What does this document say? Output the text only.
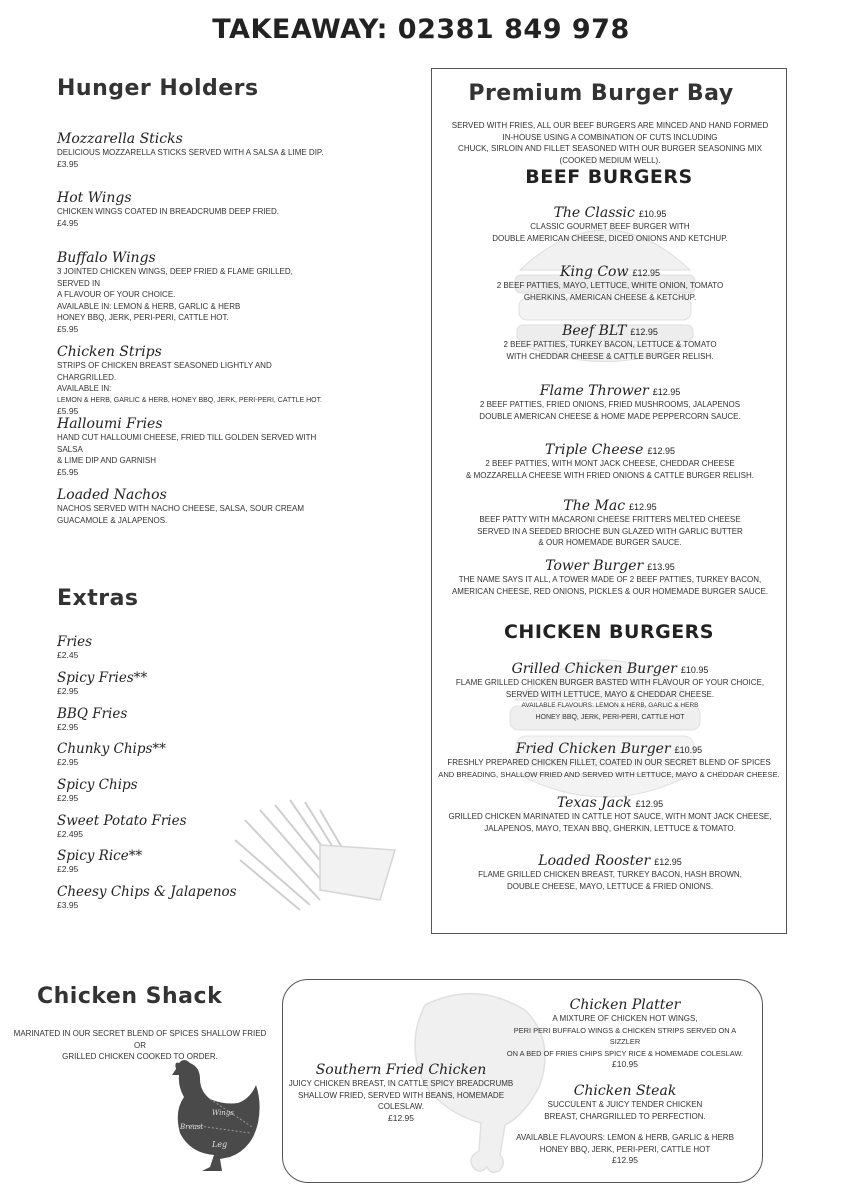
TAKEAWAY: 02381 849 978
Hunger Holders
Mozzarella Sticks
DELICIOUS MOZZARELLA STICKS SERVED WITH A SALSA & LIME DIP.
£3.95
Hot Wings
CHICKEN WINGS COATED IN BREADCRUMB DEEP FRIED.
£4.95
Buffalo Wings
3 JOINTED CHICKEN WINGS, DEEP FRIED & FLAME GRILLED, SERVED IN
A FLAVOUR OF YOUR CHOICE.
AVAILABLE IN: LEMON & HERB, GARLIC & HERB
HONEY BBQ, JERK, PERI-PERI, CATTLE HOT.
£5.95
Chicken Strips
STRIPS OF CHICKEN BREAST SEASONED LIGHTLY AND CHARGRILLED.
AVAILABLE IN:
LEMON & HERB, GARLIC & HERB, HONEY BBQ, JERK, PERI-PERI, CATTLE HOT.
£5.95
Halloumi Fries
HAND CUT HALLOUMI CHEESE, FRIED TILL GOLDEN SERVED WITH SALSA
& LIME DIP AND GARNISH
£5.95
Loaded Nachos
NACHOS SERVED WITH NACHO CHEESE, SALSA, SOUR CREAM
GUACAMOLE & JALAPENOS.
Extras
Fries
£2.45
Spicy Fries**
£2.95
BBQ Fries
£2.95
Chunky Chips**
£2.95
Spicy Chips
£2.95
Sweet Potato Fries
£2.495
Spicy Rice**
£2.95
Cheesy Chips & Jalapenos
£3.95
Premium Burger Bay
SERVED WITH FRIES, ALL OUR BEEF BURGERS ARE MINCED AND HAND FORMED
IN-HOUSE USING A COMBINATION OF CUTS INCLUDING
CHUCK, SIRLOIN AND FILLET SEASONED WITH OUR BURGER SEASONING MIX
(COOKED MEDIUM WELL).
BEEF BURGERS
The Classic £10.95
CLASSIC GOURMET BEEF BURGER WITH
DOUBLE AMERICAN CHEESE, DICED ONIONS AND KETCHUP.
King Cow £12.95
2 BEEF PATTIES, MAYO, LETTUCE, WHITE ONION, TOMATO
GHERKINS, AMERICAN CHEESE & KETCHUP.
Beef BLT £12.95
2 BEEF PATTIES, TURKEY BACON, LETTUCE & TOMATO
WITH CHEDDAR CHEESE & CATTLE BURGER RELISH.
Flame Thrower £12.95
2 BEEF PATTIES, FRIED ONIONS, FRIED MUSHROOMS, JALAPENOS
DOUBLE AMERICAN CHEESE & HOME MADE PEPPERCORN SAUCE.
Triple Cheese £12.95
2 BEEF PATTIES, WITH MONT JACK CHEESE, CHEDDAR CHEESE
& MOZZARELLA CHEESE WITH FRIED ONIONS & CATTLE BURGER RELISH.
The Mac £12.95
BEEF PATTY WITH MACARONI CHEESE FRITTERS MELTED CHEESE
SERVED IN A SEEDED BRIOCHE BUN GLAZED WITH GARLIC BUTTER
& OUR HOMEMADE BURGER SAUCE.
Tower Burger £13.95
THE NAME SAYS IT ALL, A TOWER MADE OF 2 BEEF PATTIES, TURKEY BACON,
AMERICAN CHEESE, RED ONIONS, PICKLES & OUR HOMEMADE BURGER SAUCE.
CHICKEN BURGERS
Grilled Chicken Burger £10.95
FLAME GRILLED CHICKEN BURGER BASTED WITH FLAVOUR OF YOUR CHOICE,
SERVED WITH LETTUCE, MAYO & CHEDDAR CHEESE.
AVAILABLE FLAVOURS: LEMON & HERB, GARLIC & HERB
HONEY BBQ, JERK, PERI-PERI, CATTLE HOT
Fried Chicken Burger £10.95
FRESHLY PREPARED CHICKEN FILLET, COATED IN OUR SECRET BLEND OF SPICES
AND BREADING, SHALLOW FRIED AND SERVED WITH LETTUCE, MAYO & CHEDDAR CHEESE.
Texas Jack £12.95
GRILLED CHICKEN MARINATED IN CATTLE HOT SAUCE, WITH MONT JACK CHEESE,
JALAPENOS, MAYO, TEXAN BBQ, GHERKIN, LETTUCE & TOMATO.
Loaded Rooster £12.95
FLAME GRILLED CHICKEN BREAST, TURKEY BACON, HASH BROWN,
DOUBLE CHEESE, MAYO, LETTUCE & FRIED ONIONS.
Chicken Shack
MARINATED IN OUR SECRET BLEND OF SPICES SHALLOW FRIED OR
GRILLED CHICKEN COOKED TO ORDER.
Wings
Breast
Leg
Southern Fried Chicken
JUICY CHICKEN BREAST, IN CATTLE SPICY BREADCRUMB
SHALLOW FRIED, SERVED WITH BEANS, HOMEMADE COLESLAW.
£12.95
Chicken Platter
A MIXTURE OF CHICKEN HOT WINGS,
PERI PERI BUFFALO WINGS & CHICKEN STRIPS SERVED ON A SIZZLER
ON A BED OF FRIES CHIPS SPICY RICE & HOMEMADE COLESLAW.
£10.95
Chicken Steak
SUCCULENT & JUICY TENDER CHICKEN
BREAST, CHARGRILLED TO PERFECTION.
AVAILABLE FLAVOURS: LEMON & HERB, GARLIC & HERB
HONEY BBQ, JERK, PERI-PERI, CATTLE HOT
£12.95
